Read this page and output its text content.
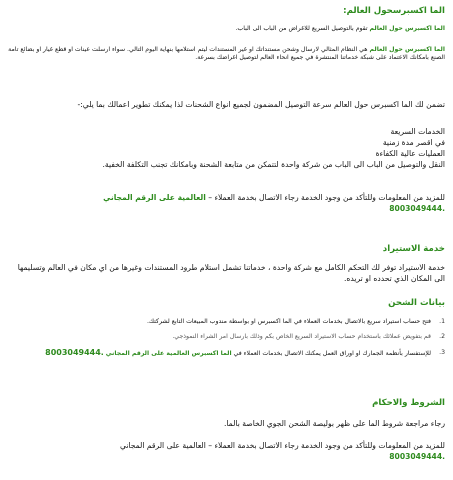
الما اكسبرسحول العالم:

الما اكسبرس حول العالم تقوم بالتوصيل السريع للاغراض من الباب الى الباب.

الما اكسبرس حول العالم هي النظام المثالي لارسال وشحن مستنداتك او غير المستندات ليتم استلامها بنهاية اليوم التالي. سواء ارسلت عينات او قطع غيار او بضائع تامة الصنع بامكانك الاعتماد على شبكة خدماتنا المنتشرة في جميع انحاء العالم لتوصيل اغراضك بسرعة.

تضمن لك الما اكسبرس حول العالم سرعة التوصيل المضمون لجميع انواع الشحنات لذا يمكنك تطوير اعمالك بما يلي:-

الخدمات السريعة
في اقصر مدة زمنية
العمليات عالية الكفاءة
النقل والتوصيل من الباب الى الباب من شركة واحدة لتتمكن من متابعة الشحنة وبامكانك تجنب التكلفة الخفية.

للمزيد من المعلومات وللتأكد من وجود الخدمة رجاء الاتصال بخدمة العملاء – العالمية على الرقم المجاني
8003049444.

خدمة الاستيراد

خدمة الاستيراد توفر لك التحكم الكامل مع شركة واحدة ، خدماتنا تشمل استلام طرود المستندات وغيرها من اي مكان في العالم وتسليمها الى المكان الذي تحدده او تريده.

بيانات الشحن

1.
فتح حساب استيراد سريع بالاتصال بخدمات العملاء في الما اكسبرس او بواسطة مندوب المبيعات التابع لشركتك.
2.
قم بتفويض عملائك باستخدام حساب الاستيراد السريع الخاص بكم وذلك بارسال امر الشراء النموذجي.
3.
للإستفسار بأنظمة الجمارك او اوراق العمل يمكنك الاتصال بخدمات العملاء في الما اكسبرس العالمية على الرقم المجاني 8003049444.

الشروط والاحكام

رجاء مراجعة شروط الما على ظهر بوليصة الشحن الجوي الخاصة بالما.

للمزيد من المعلومات وللتأكد من وجود الخدمة رجاء الاتصال بخدمة العملاء – العالمية على الرقم المجاني
8003049444.
